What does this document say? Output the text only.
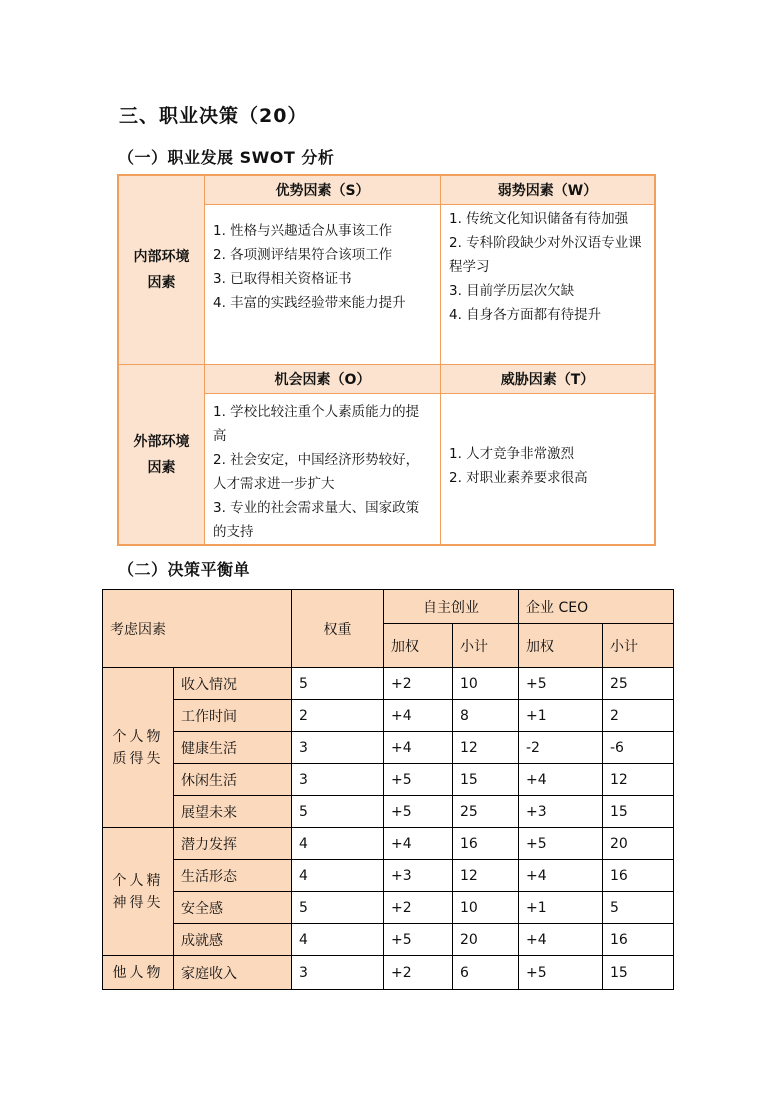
三、职业决策（20）
（一）职业发展 SWOT 分析
内部环境因素
优势因素（S）	弱势因素（W）
1. 性格与兴趣适合从事该工作
2. 各项测评结果符合该项工作
3. 已取得相关资格证书
4. 丰富的实践经验带来能力提升
1. 传统文化知识储备有待加强
2. 专科阶段缺少对外汉语专业课程学习
3. 目前学历层次欠缺
4. 自身各方面都有待提升
外部环境因素
机会因素（O）	威胁因素（T）
1. 学校比较注重个人素质能力的提高
2. 社会安定，中国经济形势较好，人才需求进一步扩大
3. 专业的社会需求量大、国家政策的支持
1. 人才竞争非常激烈
2. 对职业素养要求很高
（二）决策平衡单
考虑因素		权重	自主创业		企业 CEO	
			加权	小计	加权	小计
个人物质得失	收入情况	5	+2	10	+5	25
	工作时间	2	+4	8	+1	2
	健康生活	3	+4	12	-2	-6
	休闲生活	3	+5	15	+4	12
	展望未来	5	+5	25	+3	15
个人精神得失	潜力发挥	4	+4	16	+5	20
	生活形态	4	+3	12	+4	16
	安全感	5	+2	10	+1	5
	成就感	4	+5	20	+4	16
他人物	家庭收入	3	+2	6	+5	15
